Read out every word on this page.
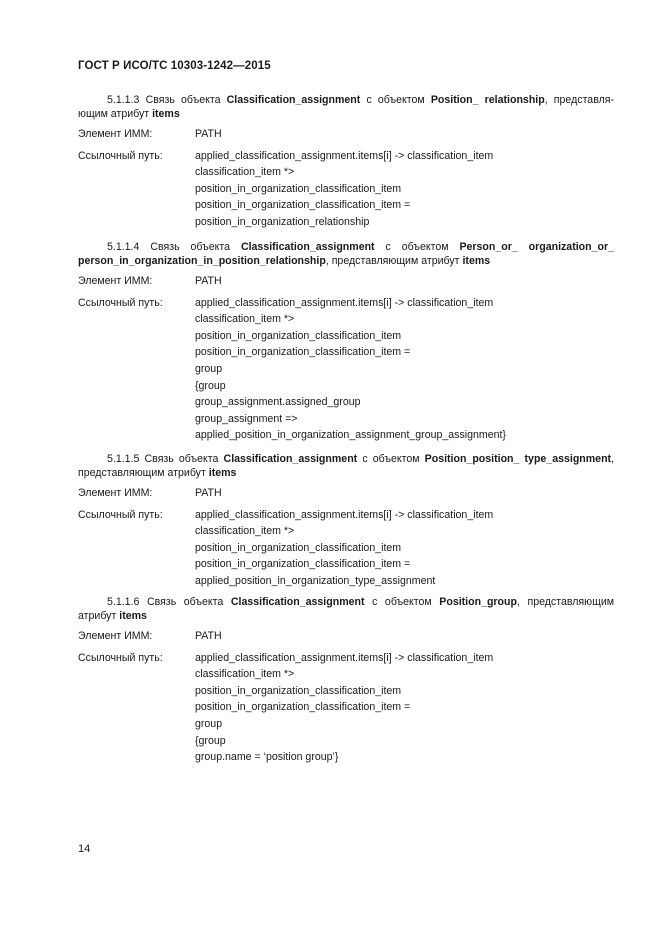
ГОСТ Р ИСО/ТС 10303-1242—2015
5.1.1.3 Связь объекта Classification_assignment с объектом Position_ relationship, представля-ющим атрибут items
Элемент ИММ:	PATH
Ссылочный путь:	applied_classification_assignment.items[i] -> classification_item
classification_item *>
position_in_organization_classification_item
position_in_organization_classification_item =
position_in_organization_relationship
5.1.1.4 Связь объекта Classification_assignment с объектом Person_or_ organization_or_ person_in_organization_in_position_relationship, представляющим атрибут items
Элемент ИММ:	PATH
Ссылочный путь:	applied_classification_assignment.items[i] -> classification_item
classification_item *>
position_in_organization_classification_item
position_in_organization_classification_item =
group
{group
group_assignment.assigned_group
group_assignment =>
applied_position_in_organization_assignment_group_assignment}
5.1.1.5 Связь объекта Classification_assignment с объектом Position_position_ type_assignment, представляющим атрибут items
Элемент ИММ:	PATH
Ссылочный путь:	applied_classification_assignment.items[i] -> classification_item
classification_item *>
position_in_organization_classification_item
position_in_organization_classification_item =
applied_position_in_organization_type_assignment
5.1.1.6 Связь объекта Classification_assignment с объектом Position_group, представляющим атрибут items
Элемент ИММ:	PATH
Ссылочный путь:	applied_classification_assignment.items[i] -> classification_item
classification_item *>
position_in_organization_classification_item
position_in_organization_classification_item =
group
{group
group.name = ‘position group’}
14
